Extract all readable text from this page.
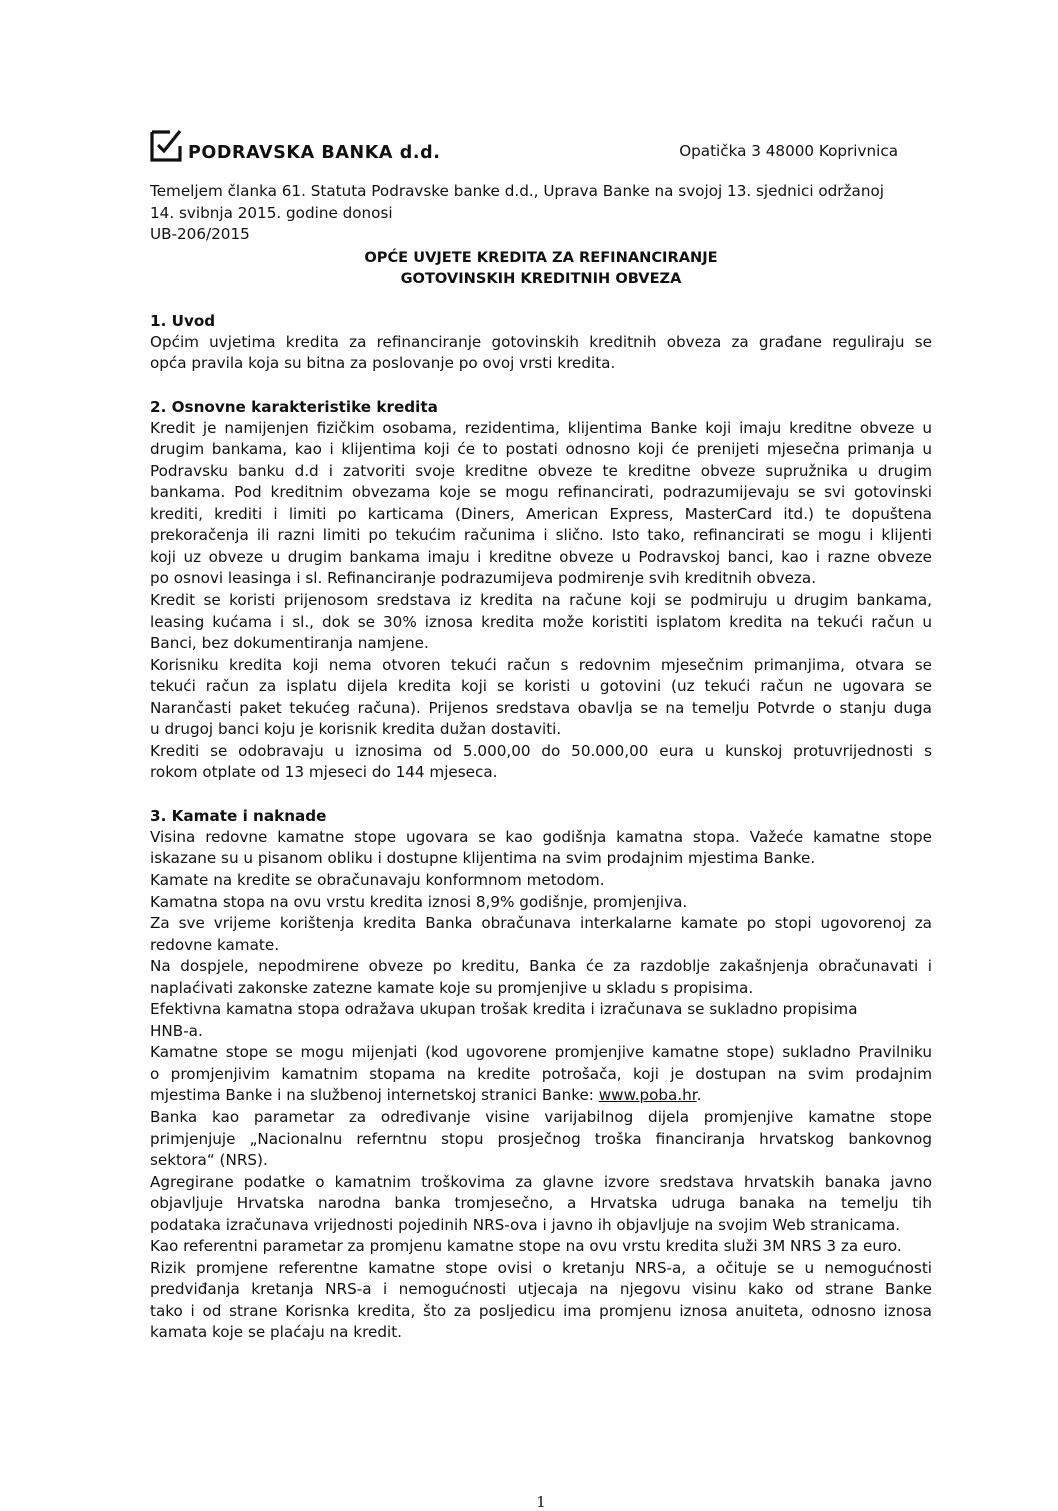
PODRAVSKA BANKA d.d.	Opatička 3 48000 Koprivnica
Temeljem članka 61. Statuta Podravske banke d.d., Uprava Banke na svojoj 13. sjednici održanoj
14. svibnja 2015. godine donosi
UB-206/2015
OPĆE UVJETE KREDITA ZA REFINANCIRANJE
GOTOVINSKIH KREDITNIH OBVEZA
1. Uvod
Općim uvjetima kredita za refinanciranje gotovinskih kreditnih obveza za građane reguliraju se
opća pravila koja su bitna za poslovanje po ovoj vrsti kredita.
2. Osnovne karakteristike kredita
Kredit je namijenjen fizičkim osobama, rezidentima, klijentima Banke koji imaju kreditne obveze u
drugim bankama, kao i klijentima koji će to postati odnosno koji će prenijeti mjesečna primanja u
Podravsku banku d.d i zatvoriti svoje kreditne obveze te kreditne obveze supružnika u drugim
bankama. Pod kreditnim obvezama koje se mogu refinancirati, podrazumijevaju se svi gotovinski
krediti, krediti i limiti po karticama (Diners, American Express, MasterCard itd.) te dopuštena
prekoračenja ili razni limiti po tekućim računima i slično. Isto tako, refinancirati se mogu i klijenti
koji uz obveze u drugim bankama imaju i kreditne obveze u Podravskoj banci, kao i razne obveze
po osnovi leasinga i sl. Refinanciranje podrazumijeva podmirenje svih kreditnih obveza.
Kredit se koristi prijenosom sredstava iz kredita na račune koji se podmiruju u drugim bankama,
leasing kućama i sl., dok se 30% iznosa kredita može koristiti isplatom kredita na tekući račun u
Banci, bez dokumentiranja namjene.
Korisniku kredita koji nema otvoren tekući račun s redovnim mjesečnim primanjima, otvara se
tekući račun za isplatu dijela kredita koji se koristi u gotovini (uz tekući račun ne ugovara se
Narančasti paket tekućeg računa). Prijenos sredstava obavlja se na temelju Potvrde o stanju duga
u drugoj banci koju je korisnik kredita dužan dostaviti.
Krediti se odobravaju u iznosima od 5.000,00 do 50.000,00 eura u kunskoj protuvrijednosti s
rokom otplate od 13 mjeseci do 144 mjeseca.
3. Kamate i naknade
Visina redovne kamatne stope ugovara se kao godišnja kamatna stopa. Važeće kamatne stope
iskazane su u pisanom obliku i dostupne klijentima na svim prodajnim mjestima Banke.
Kamate na kredite se obračunavaju konformnom metodom.
Kamatna stopa na ovu vrstu kredita iznosi 8,9% godišnje, promjenjiva.
Za sve vrijeme korištenja kredita Banka obračunava interkalarne kamate po stopi ugovorenoj za
redovne kamate.
Na dospjele, nepodmirene obveze po kreditu, Banka će za razdoblje zakašnjenja obračunavati i
naplaćivati zakonske zatezne kamate koje su promjenjive u skladu s propisima.
Efektivna kamatna stopa odražava ukupan trošak kredita i izračunava se sukladno propisima
HNB-a.
Kamatne stope se mogu mijenjati (kod ugovorene promjenjive kamatne stope) sukladno Pravilniku
o promjenjivim kamatnim stopama na kredite potrošača, koji je dostupan na svim prodajnim
mjestima Banke i na službenoj internetskoj stranici Banke: www.poba.hr.
Banka kao parametar za određivanje visine varijabilnog dijela promjenjive kamatne stope
primjenjuje „Nacionalnu referntnu stopu prosječnog troška financiranja hrvatskog bankovnog
sektora“ (NRS).
Agregirane podatke o kamatnim troškovima za glavne izvore sredstava hrvatskih banaka javno
objavljuje Hrvatska narodna banka tromjesečno, a Hrvatska udruga banaka na temelju tih
podataka izračunava vrijednosti pojedinih NRS-ova i javno ih objavljuje na svojim Web stranicama.
Kao referentni parametar za promjenu kamatne stope na ovu vrstu kredita služi 3M NRS 3 za euro.
Rizik promjene referentne kamatne stope ovisi o kretanju NRS-a, a očituje se u nemogućnosti
predviđanja kretanja NRS-a i nemogućnosti utjecaja na njegovu visinu kako od strane Banke
tako i od strane Korisnka kredita, što za posljedicu ima promjenu iznosa anuiteta, odnosno iznosa
kamata koje se plaćaju na kredit.
1
